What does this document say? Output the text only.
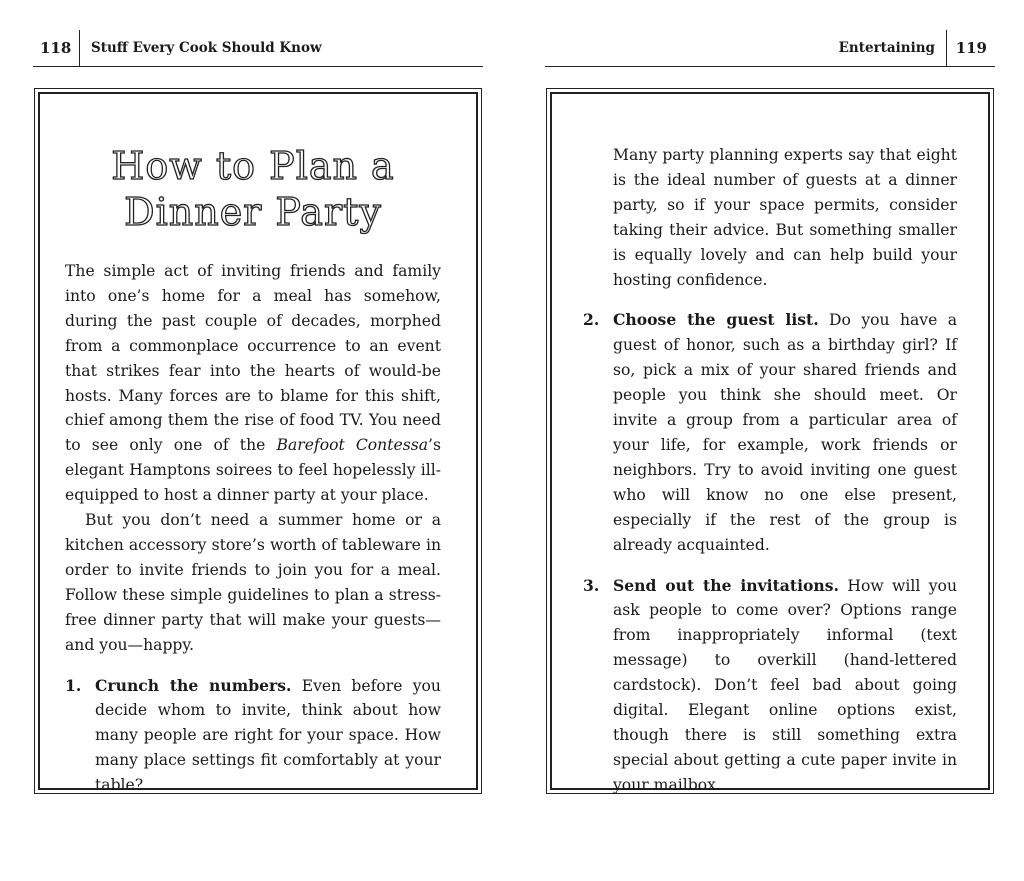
118 Stuff Every Cook Should Know
How to Plan a Dinner Party

The simple act of inviting friends and family into one’s home for a meal has somehow, during the past couple of decades, morphed from a commonplace occurrence to an event that strikes fear into the hearts of would-be hosts. Many forces are to blame for this shift, chief among them the rise of food TV. You need to see only one of the Barefoot Contessa’s elegant Hamptons soirees to feel hopelessly ill-equipped to host a dinner party at your place.

But you don’t need a summer home or a kitchen accessory store’s worth of tableware in order to invite friends to join you for a meal. Follow these simple guidelines to plan a stress-free dinner party that will make your guests—and you—happy.

1. Crunch the numbers. Even before you decide whom to invite, think about how many people are right for your space. How many place settings fit comfortably at your table?
Entertaining 119
Many party planning experts say that eight is the ideal number of guests at a dinner party, so if your space permits, consider taking their advice. But something smaller is equally lovely and can help build your hosting confidence.
2. Choose the guest list. Do you have a guest of honor, such as a birthday girl? If so, pick a mix of your shared friends and people you think she should meet. Or invite a group from a particular area of your life, for example, work friends or neighbors. Try to avoid inviting one guest who will know no one else present, especially if the rest of the group is already acquainted.
3. Send out the invitations. How will you ask people to come over? Options range from inappropriately informal (text message) to overkill (hand-lettered cardstock). Don’t feel bad about going digital. Elegant online options exist, though there is still something extra special about getting a cute paper invite in your mailbox.
